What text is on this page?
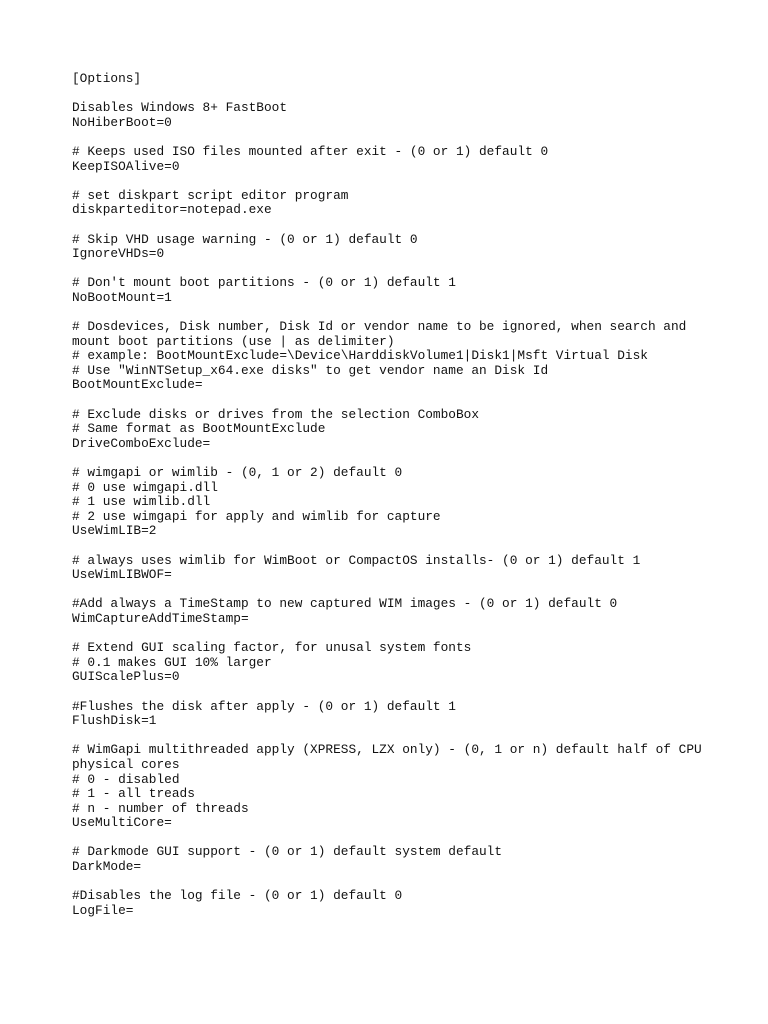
[Options]
Disables Windows 8+ FastBoot
NoHiberBoot=0
# Keeps used ISO files mounted after exit - (0 or 1) default 0
KeepISOAlive=0
# set diskpart script editor program
diskparteditor=notepad.exe
# Skip VHD usage warning - (0 or 1) default 0
IgnoreVHDs=0
# Don't mount boot partitions - (0 or 1) default 1
NoBootMount=1
# Dosdevices, Disk number, Disk Id or vendor name to be ignored, when search and
mount boot partitions (use | as delimiter)
# example: BootMountExclude=\Device\HarddiskVolume1|Disk1|Msft Virtual Disk
# Use "WinNTSetup_x64.exe disks" to get vendor name an Disk Id
BootMountExclude=
# Exclude disks or drives from the selection ComboBox
# Same format as BootMountExclude
DriveComboExclude=
# wimgapi or wimlib - (0, 1 or 2) default 0
# 0 use wimgapi.dll
# 1 use wimlib.dll
# 2 use wimgapi for apply and wimlib for capture
UseWimLIB=2
# always uses wimlib for WimBoot or CompactOS installs- (0 or 1) default 1
UseWimLIBWOF=
#Add always a TimeStamp to new captured WIM images - (0 or 1) default 0
WimCaptureAddTimeStamp=
# Extend GUI scaling factor, for unusal system fonts
# 0.1 makes GUI 10% larger
GUIScalePlus=0
#Flushes the disk after apply - (0 or 1) default 1
FlushDisk=1
# WimGapi multithreaded apply (XPRESS, LZX only) - (0, 1 or n) default half of CPU
physical cores
# 0 - disabled
# 1 - all treads
# n - number of threads
UseMultiCore=
# Darkmode GUI support - (0 or 1) default system default
DarkMode=
#Disables the log file - (0 or 1) default 0
LogFile=
